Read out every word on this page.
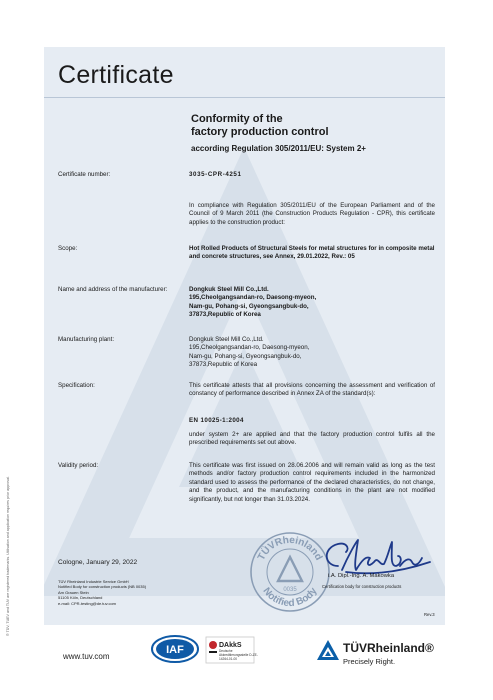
Certificate
Conformity of the
factory production control
according Regulation 305/2011/EU: System 2+
Certificate number:	3035-CPR-4251
In compliance with Regulation 305/2011/EU of the European Parliament and of the Council of 9 March 2011 (the Construction Products Regulation - CPR), this certificate applies to the construction product:
Scope:	Hot Rolled Products of Structural Steels for metal structures for in composite metal and concrete structures, see Annex, 29.01.2022, Rev.: 05
Name and address of the manufacturer:	Dongkuk Steel Mill Co.,Ltd.
195,Cheolgangsandan-ro, Daesong-myeon,
Nam-gu, Pohang-si, Gyeongsangbuk-do,
37873,Republic of Korea
Manufacturing plant:	Dongkuk Steel Mill Co.,Ltd.
195,Cheolgangsandan-ro, Daesong-myeon,
Nam-gu, Pohang-si, Gyeongsangbuk-do,
37873,Republic of Korea
Specification:	This certificate attests that all provisions concerning the assessment and verification of constancy of performance described in Annex ZA of the standard(s):
EN 10025-1:2004
under system 2+ are applied and that the factory production control fulfils all the prescribed requirements set out above.
Validity period:	This certificate was first issued on 28.06.2006 and will remain valid as long as the test methods and/or factory production control requirements included in the harmonized standard used to assess the performance of the declared characteristics, do not change, and the product, and the manufacturing conditions in the plant are not modified significantly, but not longer than 31.03.2024.
Cologne, January 29, 2022
TÜV Rheinland Industrie Service GmbH
Notified Body for construction products (NB 0035)
Am Grauen Stein
51105 Köln, Deutschland
e-mail: CPR-testing@de.tuv.com
TÜVRheinland
Notified Body
0035
i.A. Dipl.-Ing. A. Makowka
Certification body for construction products
Rev.3
® TÜV, TUEV and TUV are registered trademarks. Utilisation and application requires prior approval.
www.tuv.com
IAF	DAkkS
Deutsche Akkreditierungsstelle D-ZE-14264-01-00
TÜVRheinland®
Precisely Right.
